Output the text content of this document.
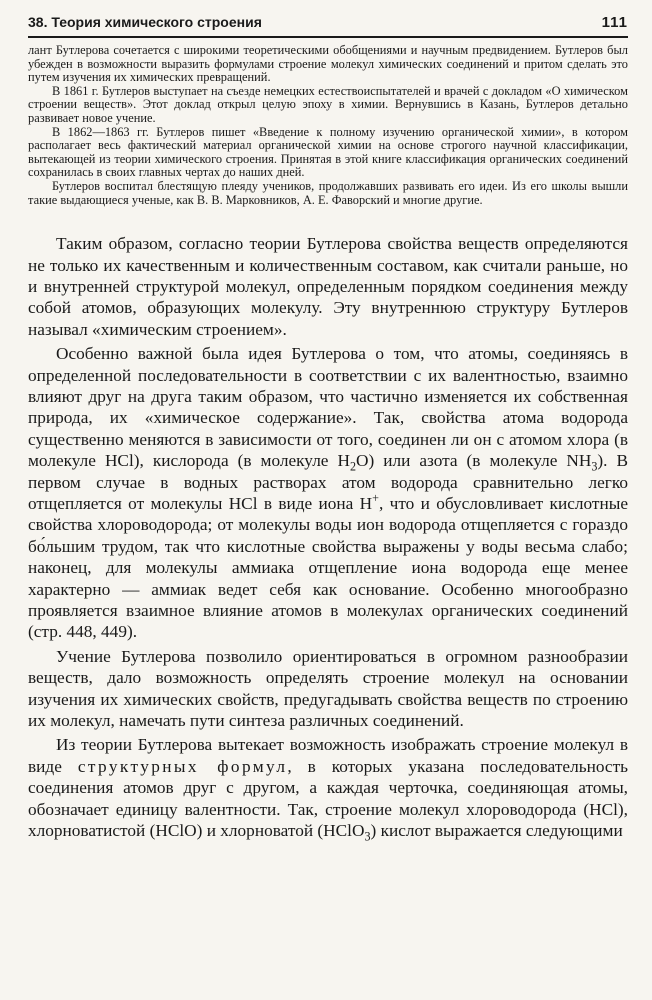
38. Теория химического строения	111

лант Бутлерова сочетается с широкими теоретическими обобщениями и научным предвидением. Бутлеров был убежден в возможности выразить формулами строение молекул химических соединений и притом сделать это путем изучения их химических превращений.

В 1861 г. Бутлеров выступает на съезде немецких естествоиспытателей и врачей с докладом «О химическом строении веществ». Этот доклад открыл целую эпоху в химии. Вернувшись в Казань, Бутлеров детально развивает новое учение.

В 1862—1863 гг. Бутлеров пишет «Введение к полному изучению органической химии», в котором располагает весь фактический материал органической химии на основе строгого научной классификации, вытекающей из теории химического строения. Принятая в этой книге классификация органических соединений сохранилась в своих главных чертах до наших дней.

Бутлеров воспитал блестящую плеяду учеников, продолжавших развивать его идеи. Из его школы вышли такие выдающиеся ученые, как В. В. Марковников, А. Е. Фаворский и многие другие.

Таким образом, согласно теории Бутлерова свойства веществ определяются не только их качественным и количественным составом, как считали раньше, но и внутренней структурой молекул, определенным порядком соединения между собой атомов, образующих молекулу. Эту внутреннюю структуру Бутлеров называл «химическим строением».

Особенно важной была идея Бутлерова о том, что атомы, соединяясь в определенной последовательности в соответствии с их валентностью, взаимно влияют друг на друга таким образом, что частично изменяется их собственная природа, их «химическое содержание». Так, свойства атома водорода существенно меняются в зависимости от того, соединен ли он с атомом хлора (в молекуле HCl), кислорода (в молекуле $H_2O$) или азота (в молекуле $NH_3$). В первом случае в водных растворах атом водорода сравнительно легко отщепляется от молекулы HCl в виде иона H+, что и обусловливает кислотные свойства хлороводорода; от молекулы воды ион водорода отщепляется с гораздо бо́льшим трудом, так что кислотные свойства выражены у воды весьма слабо; наконец, для молекулы аммиака отщепление иона водорода еще менее характерно — аммиак ведет себя как основание. Особенно многообразно проявляется взаимное влияние атомов в молекулах органических соединений (стр. 448, 449).

Учение Бутлерова позволило ориентироваться в огромном разнообразии веществ, дало возможность определять строение молекул на основании изучения их химических свойств, предугадывать свойства веществ по строению их молекул, намечать пути синтеза различных соединений.

Из теории Бутлерова вытекает возможность изображать строение молекул в виде структурных формул, в которых указана последовательность соединения атомов друг с другом, а каждая черточка, соединяющая атомы, обозначает единицу валентности. Так, строение молекул хлороводорода (HCl), хлорноватистой (HClO) и хлорноватой (HClO$_3$) кислот выражается следующими
